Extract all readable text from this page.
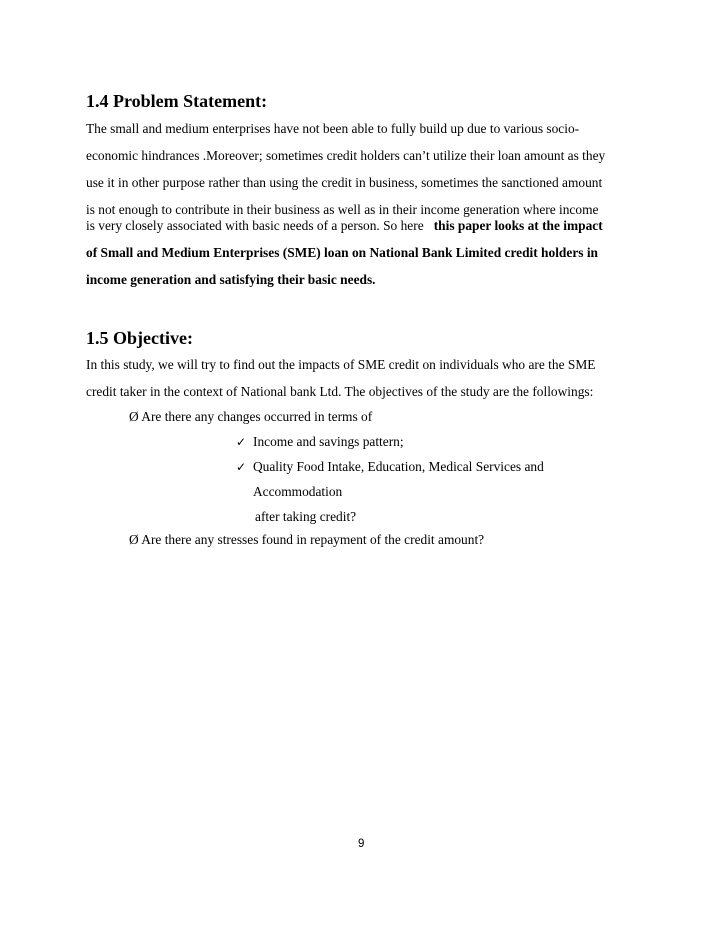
1.4 Problem Statement:
The small and medium enterprises have not been able to fully build up due to various socio-
economic hindrances .Moreover; sometimes credit holders can’t utilize their loan amount as they
use it in other purpose rather than using the credit in business, sometimes the sanctioned amount
is not enough to contribute in their business as well as in their income generation where income
is very closely associated with basic needs of a person. So here   this paper looks at the impact
of Small and Medium Enterprises (SME) loan on National Bank Limited credit holders in
income generation and satisfying their basic needs.
1.5 Objective:
In this study, we will try to find out the impacts of SME credit on individuals who are the SME
credit taker in the context of National bank Ltd. The objectives of the study are the followings:
Ø Are there any changes occurred in terms of
✓ Income and savings pattern;
✓ Quality Food Intake, Education, Medical Services and
Accommodation
after taking credit?
Ø Are there any stresses found in repayment of the credit amount?
9
